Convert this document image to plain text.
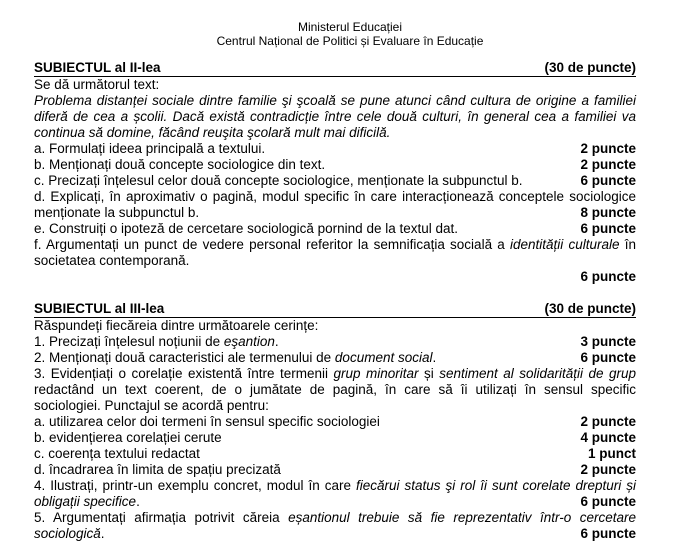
Ministerul Educației
Centrul Național de Politici și Evaluare în Educație
SUBIECTUL al II-lea	(30 de puncte)
Se dă următorul text:
Problema distanței sociale dintre familie şi şcoală se pune atunci când cultura de origine a familiei
diferă de cea a școlii. Dacă există contradicție între cele două culturi, în general cea a familiei va
continua să domine, făcând reuşita şcolară mult mai dificilă.
a. Formulați ideea principală a textului.	2 puncte
b. Menționați două concepte sociologice din text.	2 puncte
c. Precizați înțelesul celor două concepte sociologice, menționate la subpunctul b.	6 puncte
d. Explicați, în aproximativ o pagină, modul specific în care interacționează conceptele sociologice
menționate la subpunctul b.	8 puncte
e. Construiți o ipoteză de cercetare sociologică pornind de la textul dat.	6 puncte
f. Argumentați un punct de vedere personal referitor la semnificația socială a identității culturale în
societatea contemporană.
6 puncte
SUBIECTUL al III-lea	(30 de puncte)
Răspundeți fiecăreia dintre următoarele cerințe:
1. Precizați înțelesul noțiunii de eşantion.	3 puncte
2. Menționați două caracteristici ale termenului de document social.	6 puncte
3. Evidențiați o corelație existentă între termenii grup minoritar și sentiment al solidarității de grup
redactând un text coerent, de o jumătate de pagină, în care să îi utilizați în sensul specific
sociologiei. Punctajul se acordă pentru:
a. utilizarea celor doi termeni în sensul specific sociologiei	2 puncte
b. evidențierea corelației cerute	4 puncte
c. coerența textului redactat	1 punct
d. încadrarea în limita de spațiu precizată	2 puncte
4. Ilustrați, printr-un exemplu concret, modul în care fiecărui status şi rol îi sunt corelate drepturi și
obligații specifice.	6 puncte
5. Argumentați afirmația potrivit căreia eșantionul trebuie să fie reprezentativ într-o cercetare
sociologică.	6 puncte
